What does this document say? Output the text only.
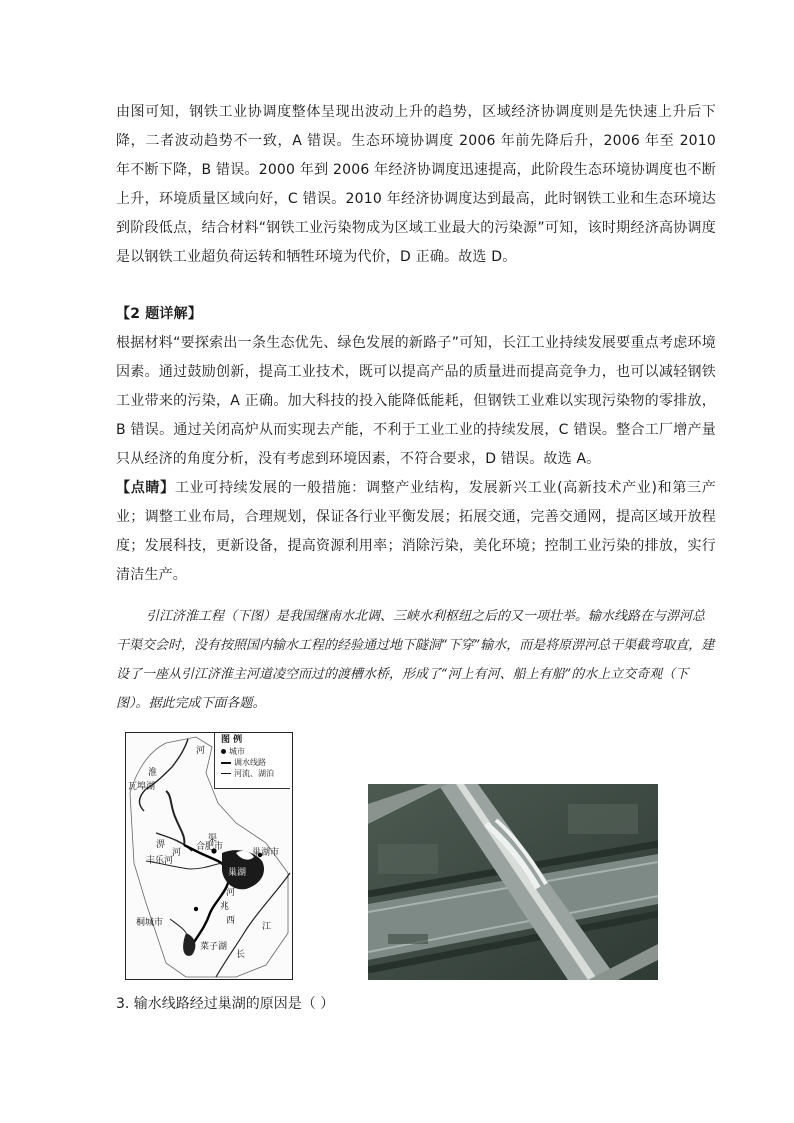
由图可知，钢铁工业协调度整体呈现出波动上升的趋势，区域经济协调度则是先快速上升后下降，二者波动趋势不一致，A 错误。生态环境协调度 2006 年前先降后升，2006 年至 2010 年不断下降，B 错误。2000 年到 2006 年经济协调度迅速提高，此阶段生态环境协调度也不断上升，环境质量区域向好，C 错误。2010 年经济协调度达到最高，此时钢铁工业和生态环境达到阶段低点，结合材料“钢铁工业污染物成为区域工业最大的污染源”可知，该时期经济高协调度是以钢铁工业超负荷运转和牺牲环境为代价，D 正确。故选 D。

【2 题详解】

根据材料“要探索出一条生态优先、绿色发展的新路子”可知，长江工业持续发展要重点考虑环境因素。通过鼓励创新，提高工业技术，既可以提高产品的质量进而提高竞争力，也可以减轻钢铁工业带来的污染，A 正确。加大科技的投入能降低能耗，但钢铁工业难以实现污染物的零排放，B 错误。通过关闭高炉从而实现去产能，不利于工业工业的持续发展，C 错误。整合工厂增产量只从经济的角度分析，没有考虑到环境因素，不符合要求，D 错误。故选 A。

【点睛】工业可持续发展的一般措施：调整产业结构，发展新兴工业(高新技术产业)和第三产业；调整工业布局，合理规划，保证各行业平衡发展；拓展交通，完善交通网，提高区域开放程度；发展科技，更新设备，提高资源利用率；消除污染，美化环境；控制工业污染的排放，实行清洁生产。

引江济淮工程（下图）是我国继南水北调、三峡水利枢纽之后的又一项壮举。输水线路在与淠河总干渠交会时，没有按照国内输水工程的经验通过地下隧洞“下穿”输水，而是将原淠河总干渠截弯取直，建设了一座从引江济淮主河道凌空而过的渡槽水桥，形成了“河上有河、船上有船”的水上立交奇观（下图）。据此完成下面各题。

图 例
城市
调水线路
河流、湖泊
河
淮
瓦埠湖
渠
淠
河
合肥市
巢湖市
丰乐河
巢湖
河
兆
西
江
桐城市
菜子湖
长

3. 输水线路经过巢湖的原因是（ ）
